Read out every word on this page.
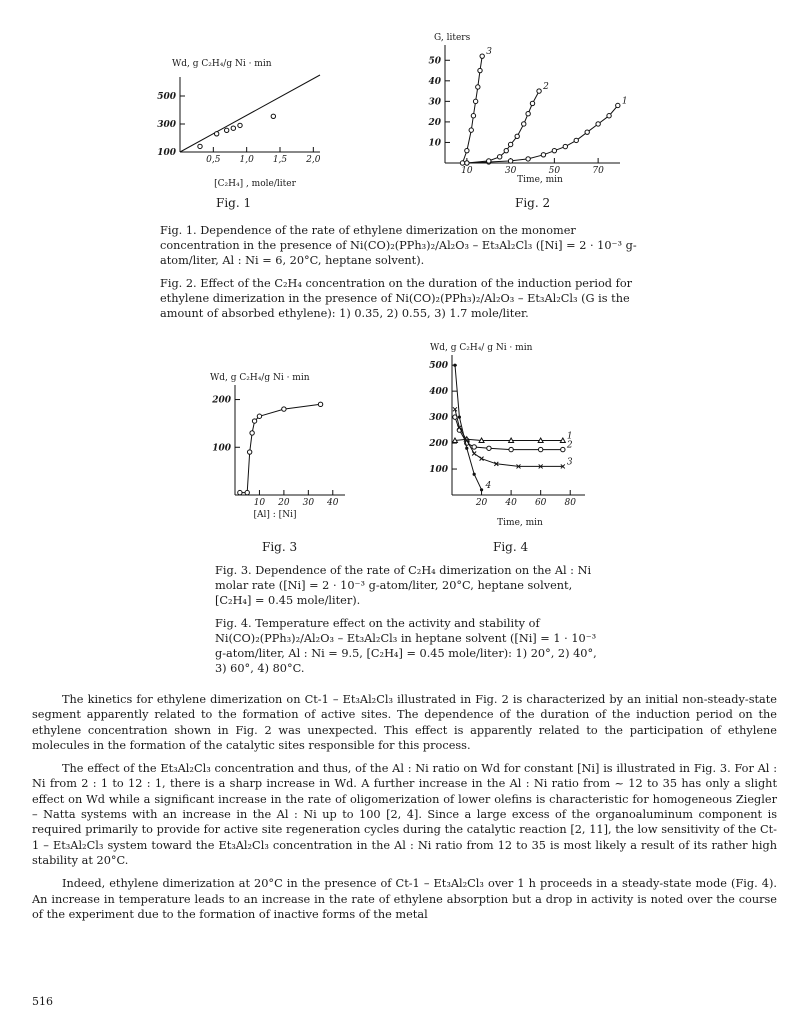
0,5 1,0 1,5 2,0
100
300
500
Wd, g C₂H₄/g Ni · min
[C₂H₄] , mole/liter
Fig. 1
10	30	50	70
10
20
30
40
50
G, liters
Time, min
1
2
3
Fig. 2

Fig. 1. Dependence of the rate of ethylene dimerization on the monomer concentration in the presence of Ni(CO)₂(PPh₃)₂/Al₂O₃ – Et₃Al₂Cl₃ ([Ni] = 2 · 10⁻³ g-atom/liter, Al : Ni = 6, 20°C, heptane solvent).

Fig. 2. Effect of the C₂H₄ concentration on the duration of the induction period for ethylene dimerization in the presence of Ni(CO)₂(PPh₃)₂/Al₂O₃ – Et₃Al₂Cl₃ (G is the amount of absorbed ethylene): 1) 0.35, 2) 0.55, 3) 1.7 mole/liter.

10 20 30 40
100
200
Wd, g C₂H₄/g Ni · min
[Al] : [Ni]
Fig. 3
20 40 60 80
100
200
300
400
500
Wd, g C₂H₄/ g Ni · min
Time, min
1
2
3
4
Fig. 4

Fig. 3. Dependence of the rate of C₂H₄ dimerization on the Al : Ni molar rate ([Ni] = 2 · 10⁻³ g-atom/liter, 20°C, heptane solvent, [C₂H₄] = 0.45 mole/liter).

Fig. 4. Temperature effect on the activity and stability of Ni(CO)₂(PPh₃)₂/Al₂O₃ – Et₃Al₂Cl₃ in heptane solvent ([Ni] = 1 · 10⁻³ g-atom/liter, Al : Ni = 9.5, [C₂H₄] = 0.45 mole/liter): 1) 20°, 2) 40°, 3) 60°, 4) 80°C.

The kinetics for ethylene dimerization on Ct-1 – Et₃Al₂Cl₃ illustrated in Fig. 2 is characterized by an initial non-steady-state segment apparently related to the formation of active sites. The dependence of the duration of the induction period on the ethylene concentration shown in Fig. 2 was unexpected. This effect is apparently related to the participation of ethylene molecules in the formation of the catalytic sites responsible for this process.

The effect of the Et₃Al₂Cl₃ concentration and thus, of the Al : Ni ratio on Wd for constant [Ni] is illustrated in Fig. 3. For Al : Ni from 2 : 1 to 12 : 1, there is a sharp increase in Wd. A further increase in the Al : Ni ratio from ~ 12 to 35 has only a slight effect on Wd while a significant increase in the rate of oligomerization of lower olefins is characteristic for homogeneous Ziegler – Natta systems with an increase in the Al : Ni up to 100 [2, 4]. Since a large excess of the organoaluminum component is required primarily to provide for active site regeneration cycles during the catalytic reaction [2, 11], the low sensitivity of the Ct-1 – Et₃Al₂Cl₃ system toward the Et₃Al₂Cl₃ concentration in the Al : Ni ratio from 12 to 35 is most likely a result of its rather high stability at 20°C.

Indeed, ethylene dimerization at 20°C in the presence of Ct-1 – Et₃Al₂Cl₃ over 1 h proceeds in a steady-state mode (Fig. 4). An increase in temperature leads to an increase in the rate of ethylene absorption but a drop in activity is noted over the course of the experiment due to the formation of inactive forms of the metal

516
